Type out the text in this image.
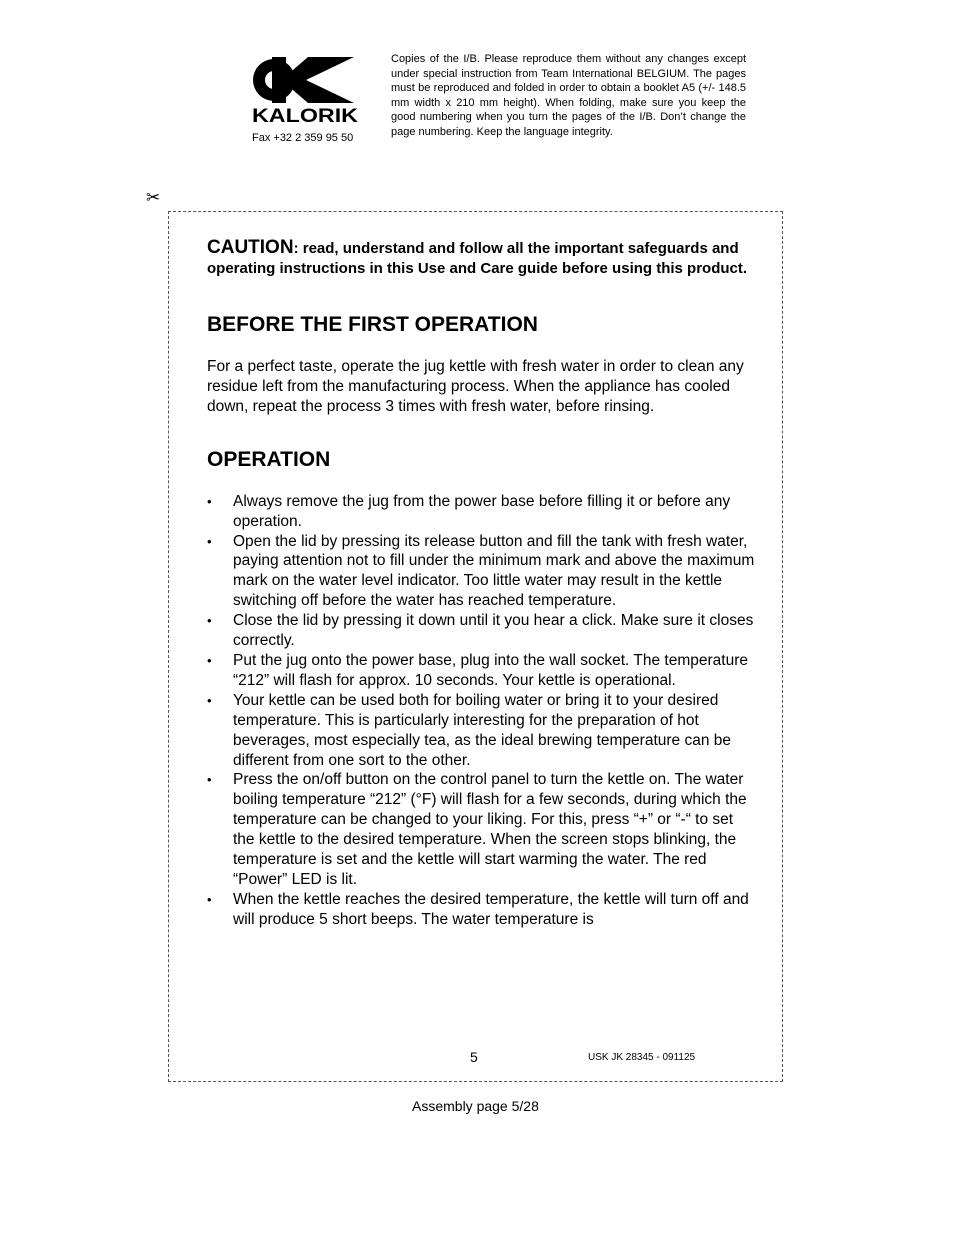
KALORIK
Fax +32 2 359 95 50
Copies of the I/B. Please reproduce them without any changes except under special instruction from Team International BELGIUM. The pages must be reproduced and folded in order to obtain a booklet A5 (+/- 148.5 mm width x 210 mm height). When folding, make sure you keep the good numbering when you turn the pages of the I/B. Don’t change the page numbering. Keep the language integrity.
✂

CAUTION: read, understand and follow all the important safeguards and operating instructions in this Use and Care guide before using this product.

BEFORE THE FIRST OPERATION

For a perfect taste, operate the jug kettle with fresh water in order to clean any residue left from the manufacturing process. When the appliance has cooled down, repeat the process 3 times with fresh water, before rinsing.

OPERATION
• Always remove the jug from the power base before filling it or before any operation.
• Open the lid by pressing its release button and fill the tank with fresh water, paying attention not to fill under the minimum mark and above the maximum mark on the water level indicator. Too little water may result in the kettle switching off before the water has reached temperature.
• Close the lid by pressing it down until it you hear a click. Make sure it closes correctly.
• Put the jug onto the power base, plug into the wall socket. The temperature “212” will flash for approx. 10 seconds. Your kettle is operational.
• Your kettle can be used both for boiling water or bring it to your desired temperature. This is particularly interesting for the preparation of hot beverages, most especially tea, as the ideal brewing temperature can be different from one sort to the other.
• Press the on/off button on the control panel to turn the kettle on. The water boiling temperature “212” (°F) will flash for a few seconds, during which the temperature can be changed to your liking. For this, press “+” or “-“ to set the kettle to the desired temperature. When the screen stops blinking, the temperature is set and the kettle will start warming the water. The red “Power” LED is lit.
• When the kettle reaches the desired temperature, the kettle will turn off and will produce 5 short beeps. The water temperature is
5	USK JK 28345 - 091125
Assembly page 5/28
